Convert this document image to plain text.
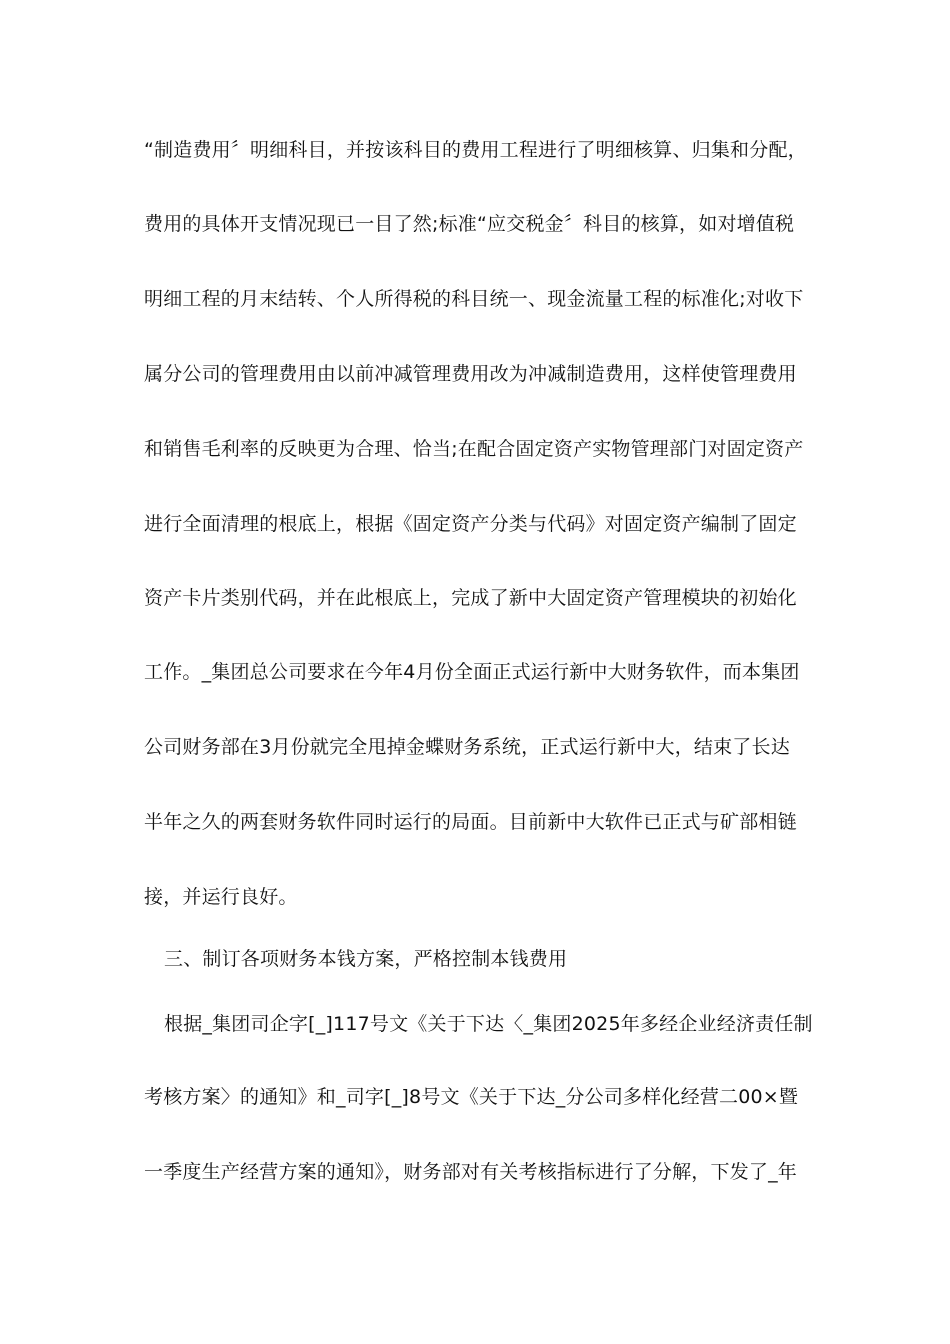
“制造费用〞明细科目，并按该科目的费用工程进行了明细核算、归集和分配，
费用的具体开支情况现已一目了然;标准“应交税金〞科目的核算，如对增值税
明细工程的月末结转、个人所得税的科目统一、现金流量工程的标准化;对收下
属分公司的管理费用由以前冲减管理费用改为冲减制造费用，这样使管理费用
和销售毛利率的反映更为合理、恰当;在配合固定资产实物管理部门对固定资产
进行全面清理的根底上，根据《固定资产分类与代码》对固定资产编制了固定
资产卡片类别代码，并在此根底上，完成了新中大固定资产管理模块的初始化
工作。_集团总公司要求在今年4月份全面正式运行新中大财务软件，而本集团
公司财务部在3月份就完全甩掉金蝶财务系统，正式运行新中大，结束了长达
半年之久的两套财务软件同时运行的局面。目前新中大软件已正式与矿部相链
接，并运行良好。
三、制订各项财务本钱方案，严格控制本钱费用
根据_集团司企字[_]117号文《关于下达〈_集团2025年多经企业经济责任制
考核方案〉的通知》和_司字[_]8号文《关于下达_分公司多样化经营二00×暨
一季度生产经营方案的通知》，财务部对有关考核指标进行了分解，下发了_年
